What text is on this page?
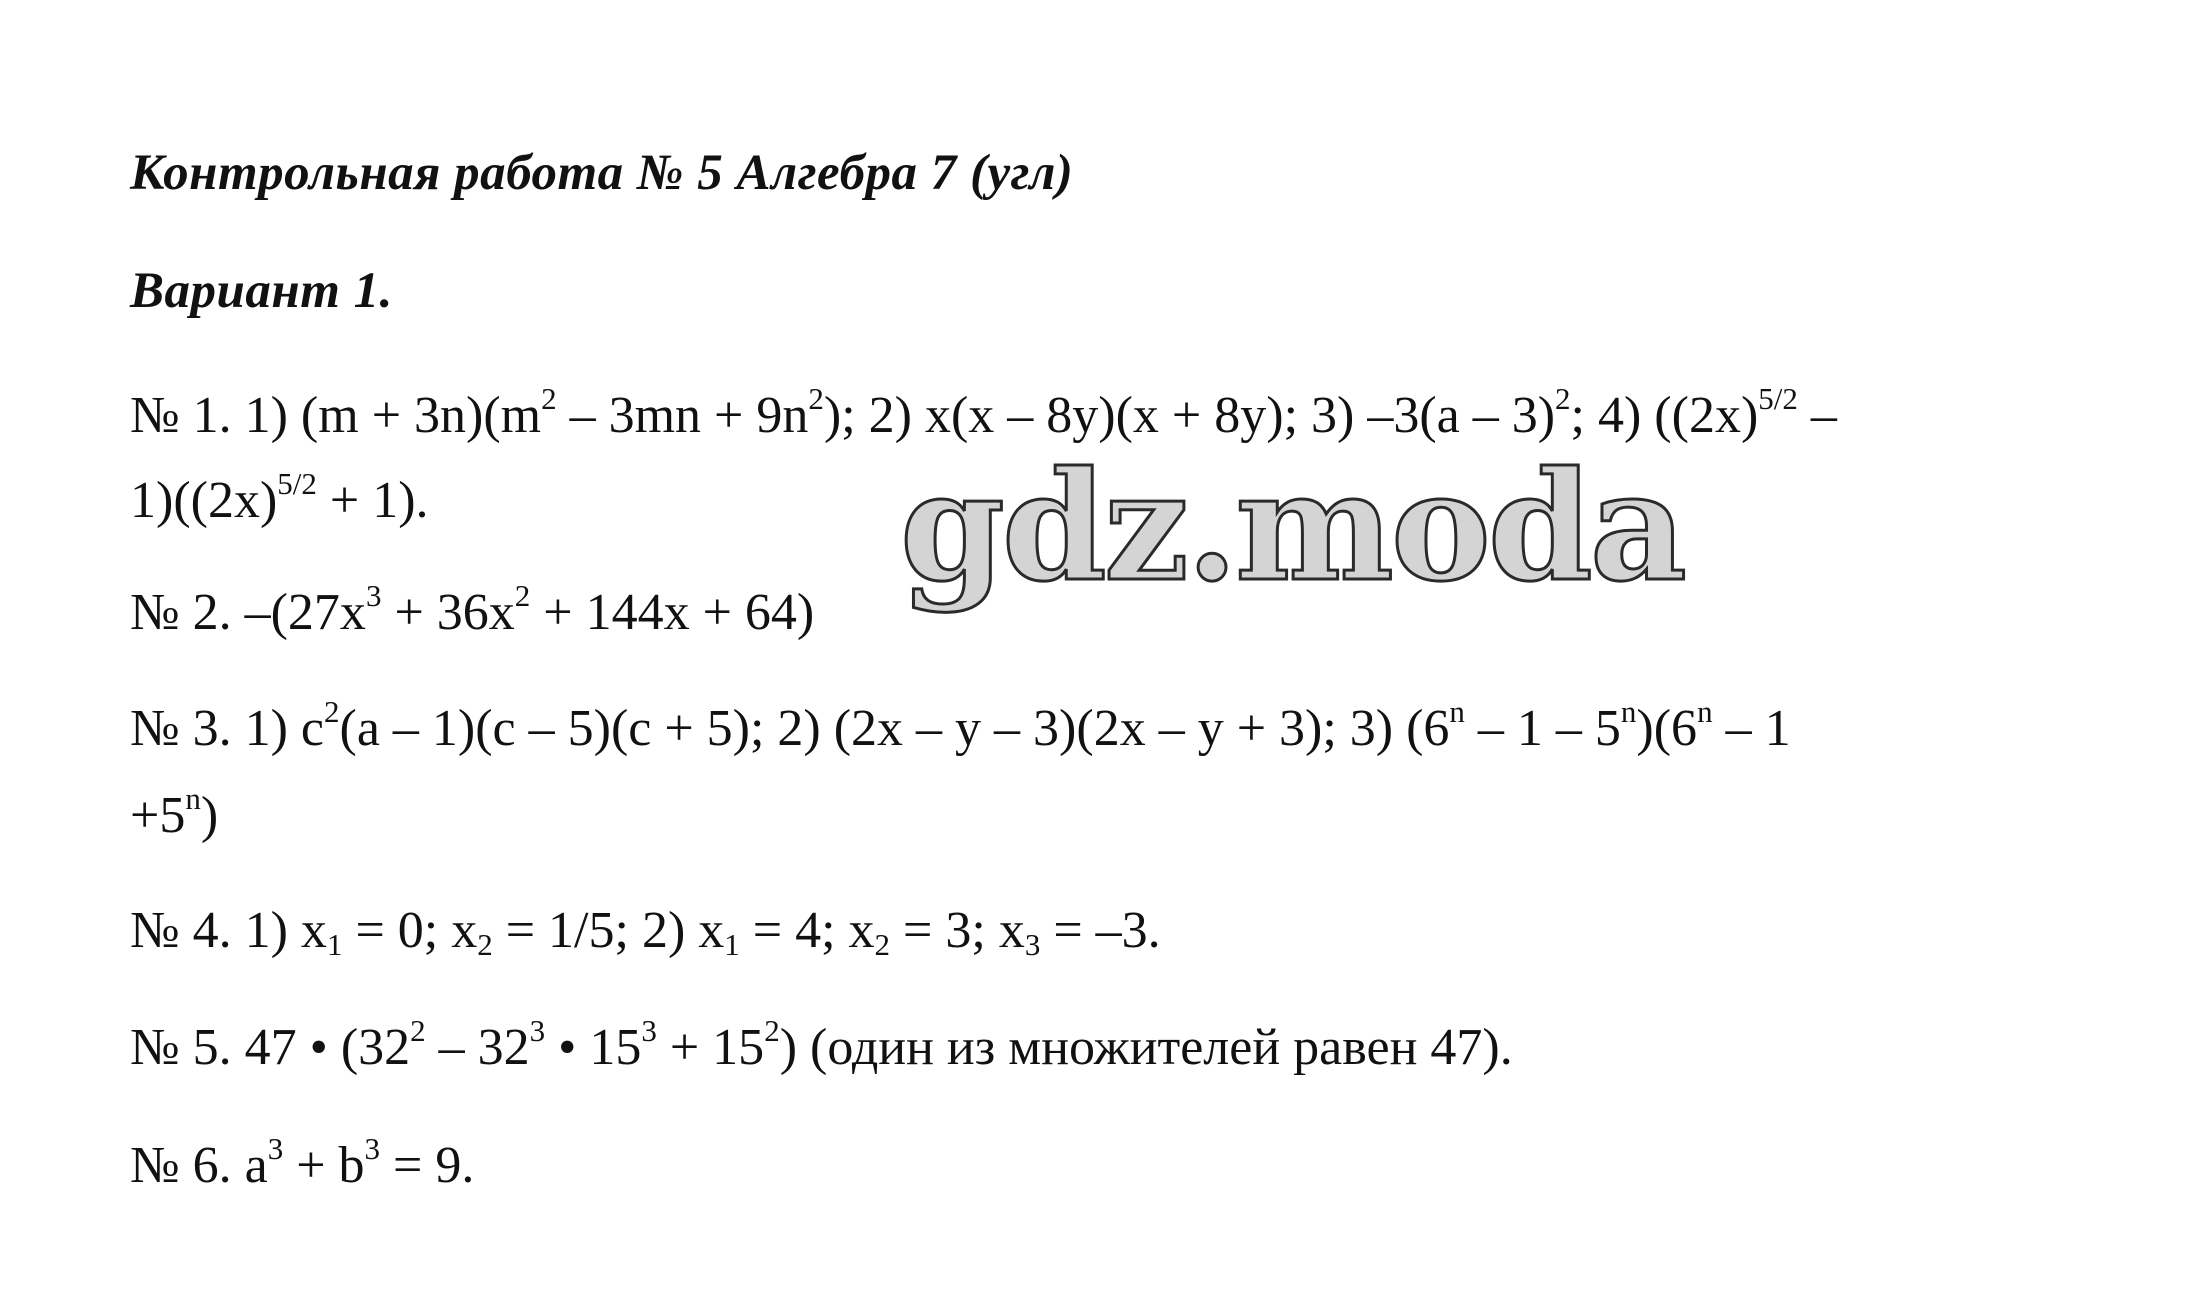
Контрольная работа № 5 Алгебра 7 (угл)
Вариант 1.

№ 1. 1) $(m + 3n)(m^2 - 3mn + 9n^2)$; 2) x(x – 8y)(x + 8y); 3) –3(a – 3)$^2$; 4) ($(2x)^{5/2}$ –

$1)((2x)^{5/2} + 1)$.

№ 2. $-(27x^3 + 36x^2 + 144x + 64)$

№ 3. 1) $c^2(a - 1)(c - 5)(c + 5)$; 2) (2x – y – 3)(2x – y + 3); 3) (6$^n$ – 1 – 5$^n$)(6$^n$ – 1

$+5^n$)

№ 4. 1) $x_1 = 0$; $x_2 = 1/5$; 2) $x_1 = 4$; $x_2 = 3$; $x_3 = -3$.

№ 5. 47 • ($32^2 - 32^3$ • $15^3 + 15^2$) (один из множителей равен 47).

№ 6. $a^3 + b^3 = 9$.

gdz.moda
